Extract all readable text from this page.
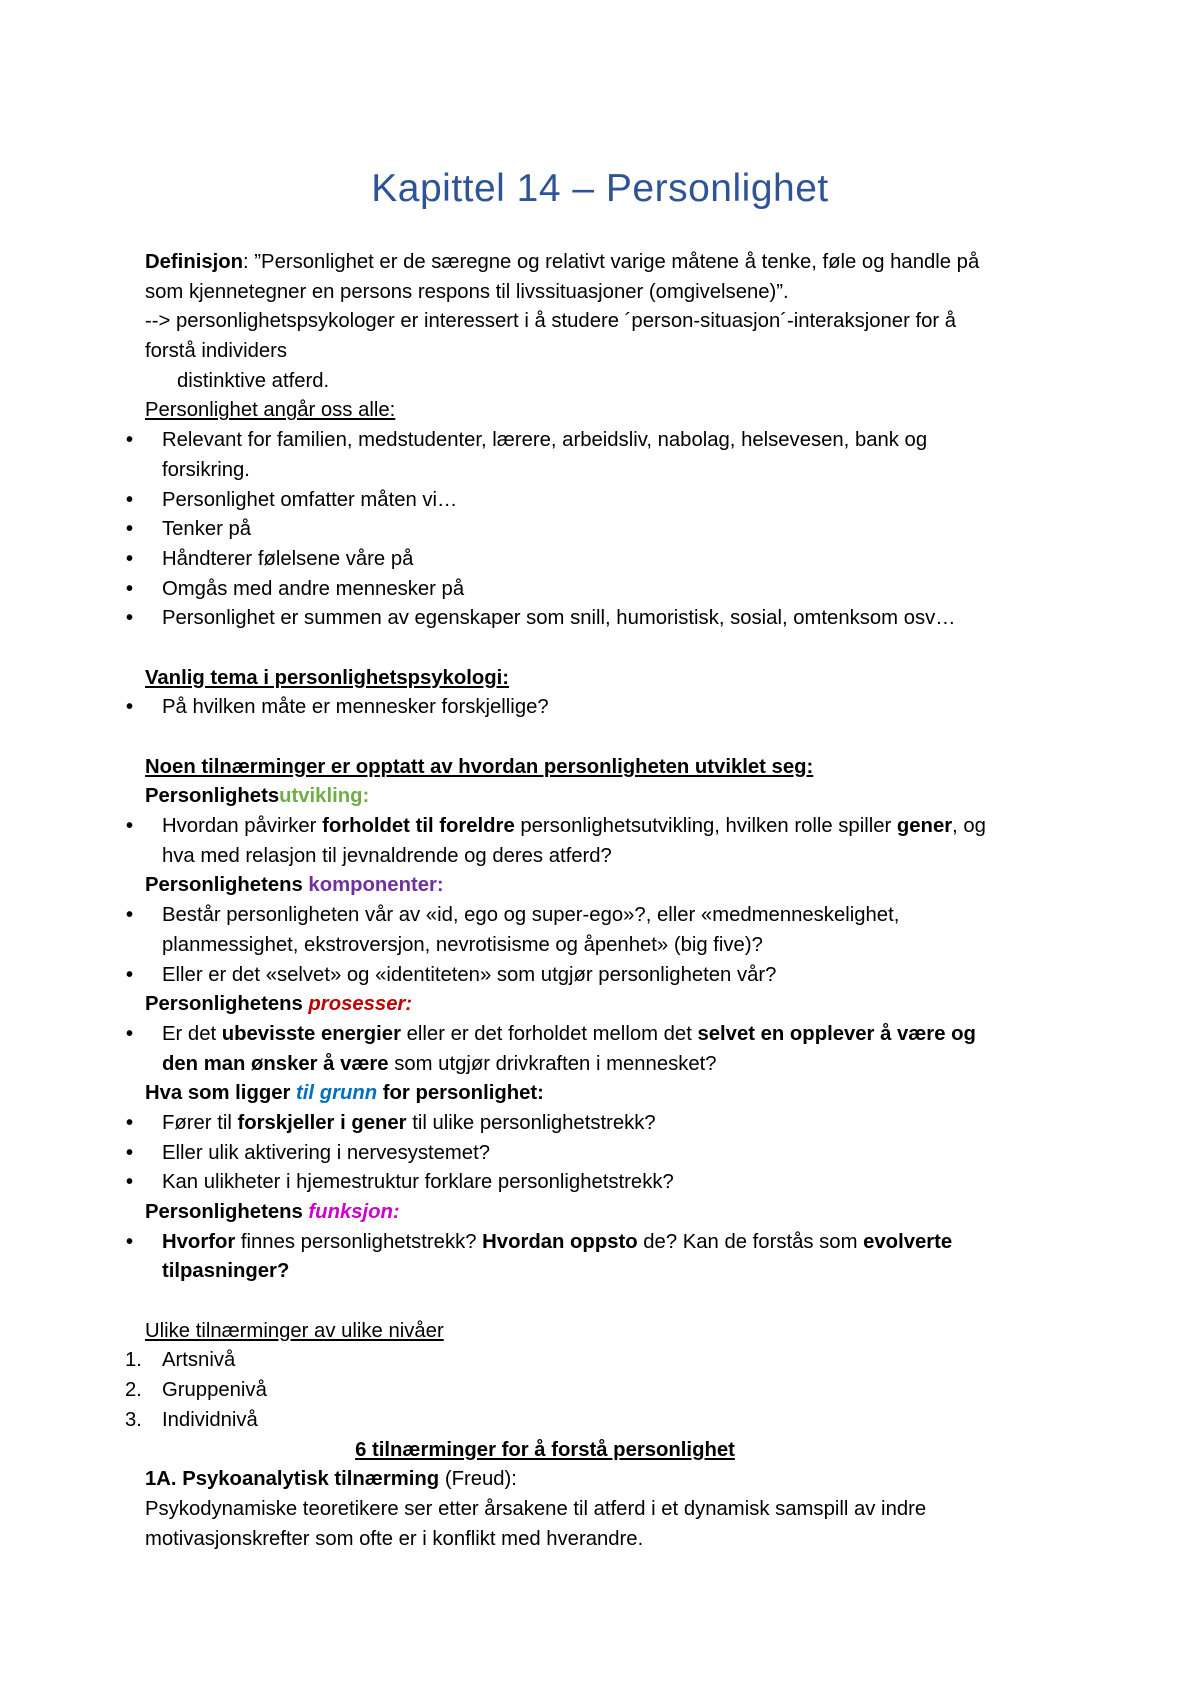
Kapittel 14 – Personlighet
Definisjon: ”Personlighet er de særegne og relativt varige måtene å tenke, føle og handle på
som kjennetegner en persons respons til livssituasjoner (omgivelsene)”.
--> personlighetspsykologer er interessert i å studere ´person-situasjon´-interaksjoner for å
forstå individers
distinktive atferd.
Personlighet angår oss alle:
• Relevant for familien, medstudenter, lærere, arbeidsliv, nabolag, helsevesen, bank og
forsikring.
• Personlighet omfatter måten vi…
• Tenker på
• Håndterer følelsene våre på
• Omgås med andre mennesker på
• Personlighet er summen av egenskaper som snill, humoristisk, sosial, omtenksom osv…
Vanlig tema i personlighetspsykologi:
• På hvilken måte er mennesker forskjellige?
Noen tilnærminger er opptatt av hvordan personligheten utviklet seg:
Personlighetsutvikling:
• Hvordan påvirker forholdet til foreldre personlighetsutvikling, hvilken rolle spiller gener, og
hva med relasjon til jevnaldrende og deres atferd?
Personlighetens komponenter:
• Består personligheten vår av «id, ego og super-ego»?, eller «medmenneskelighet,
planmessighet, ekstroversjon, nevrotisisme og åpenhet» (big five)?
• Eller er det «selvet» og «identiteten» som utgjør personligheten vår?
Personlighetens prosesser:
• Er det ubevisste energier eller er det forholdet mellom det selvet en opplever å være og
den man ønsker å være som utgjør drivkraften i mennesket?
Hva som ligger til grunn for personlighet:
• Fører til forskjeller i gener til ulike personlighetstrekk?
• Eller ulik aktivering i nervesystemet?
• Kan ulikheter i hjemestruktur forklare personlighetstrekk?
Personlighetens funksjon:
• Hvorfor finnes personlighetstrekk? Hvordan oppsto de? Kan de forstås som evolverte
tilpasninger?
Ulike tilnærminger av ulike nivåer
1. Artsnivå
2. Gruppenivå
3. Individnivå
6 tilnærminger for å forstå personlighet
1A. Psykoanalytisk tilnærming (Freud):
Psykodynamiske teoretikere ser etter årsakene til atferd i et dynamisk samspill av indre
motivasjonskrefter som ofte er i konflikt med hverandre.
